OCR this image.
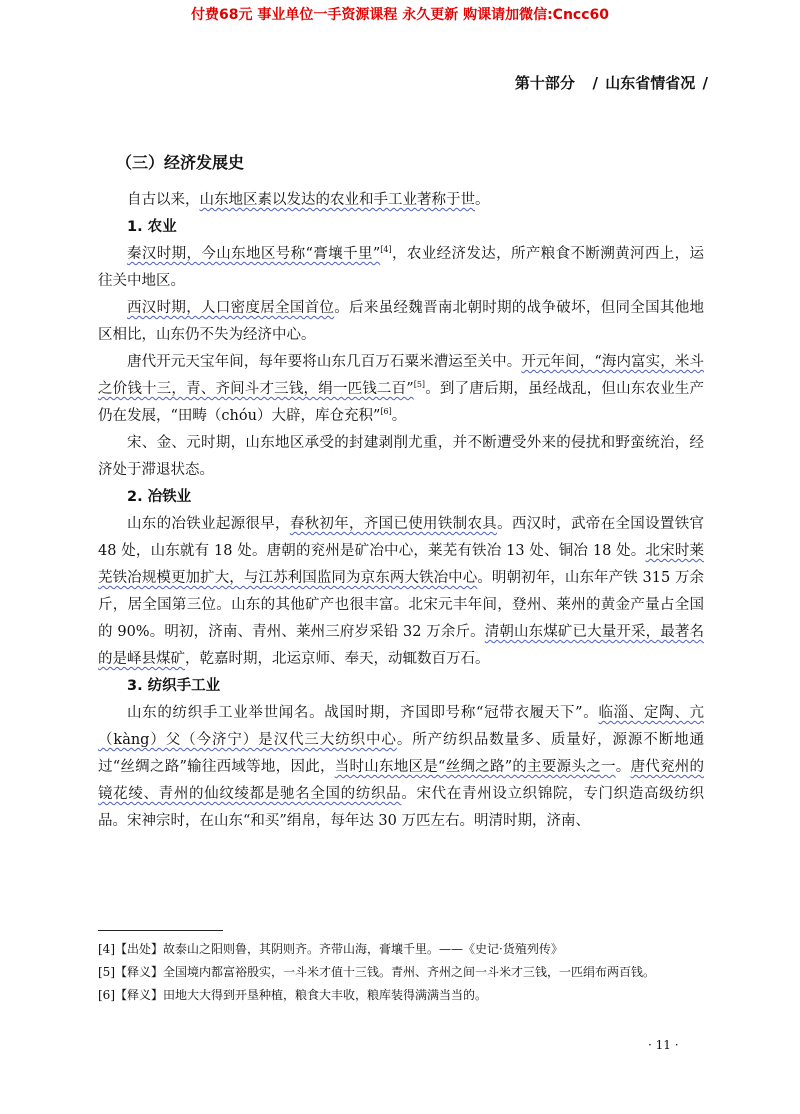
付费68元 事业单位一手资源课程 永久更新 购课请加微信:Cncc60
第十部分 / 山东省情省况 /
（三）经济发展史

自古以来，山东地区素以发达的农业和手工业著称于世。

1. 农业

秦汉时期，今山东地区号称“膏壤千里”[4]，农业经济发达，所产粮食不断溯黄河西上，运往关中地区。

西汉时期，人口密度居全国首位。后来虽经魏晋南北朝时期的战争破坏，但同全国其他地区相比，山东仍不失为经济中心。

唐代开元天宝年间，每年要将山东几百万石粟米漕运至关中。开元年间，“海内富实，米斗之价钱十三，青、齐间斗才三钱，绢一匹钱二百”[5]。到了唐后期，虽经战乱，但山东农业生产仍在发展，“田畴（chóu）大辟，库仓充积”[6]。

宋、金、元时期，山东地区承受的封建剥削尤重，并不断遭受外来的侵扰和野蛮统治，经济处于滞退状态。

2. 冶铁业

山东的冶铁业起源很早，春秋初年，齐国已使用铁制农具。西汉时，武帝在全国设置铁官 48 处，山东就有 18 处。唐朝的兖州是矿冶中心，莱芜有铁冶 13 处、铜冶 18 处。北宋时莱芜铁冶规模更加扩大，与江苏利国监同为京东两大铁冶中心。明朝初年，山东年产铁 315 万余斤，居全国第三位。山东的其他矿产也很丰富。北宋元丰年间，登州、莱州的黄金产量占全国的 90%。明初，济南、青州、莱州三府岁采铅 32 万余斤。清朝山东煤矿已大量开采，最著名的是峄县煤矿，乾嘉时期，北运京师、奉天，动辄数百万石。

3. 纺织手工业

山东的纺织手工业举世闻名。战国时期，齐国即号称“冠带衣履天下”。临淄、定陶、亢（kàng）父（今济宁）是汉代三大纺织中心。所产纺织品数量多、质量好，源源不断地通过“丝绸之路”输往西域等地，因此，当时山东地区是“丝绸之路”的主要源头之一。唐代兖州的镜花绫、青州的仙纹绫都是驰名全国的纺织品。宋代在青州设立织锦院，专门织造高级纺织品。宋神宗时，在山东“和买”绢帛，每年达 30 万匹左右。明清时期，济南、

[4]【出处】故泰山之阳则鲁，其阴则齐。齐带山海，膏壤千里。——《史记·货殖列传》
[5]【释义】全国境内都富裕殷实，一斗米才值十三钱。青州、齐州之间一斗米才三钱，一匹绢布两百钱。
[6]【释义】田地大大得到开垦种植，粮食大丰收，粮库装得满满当当的。
· 11 ·
